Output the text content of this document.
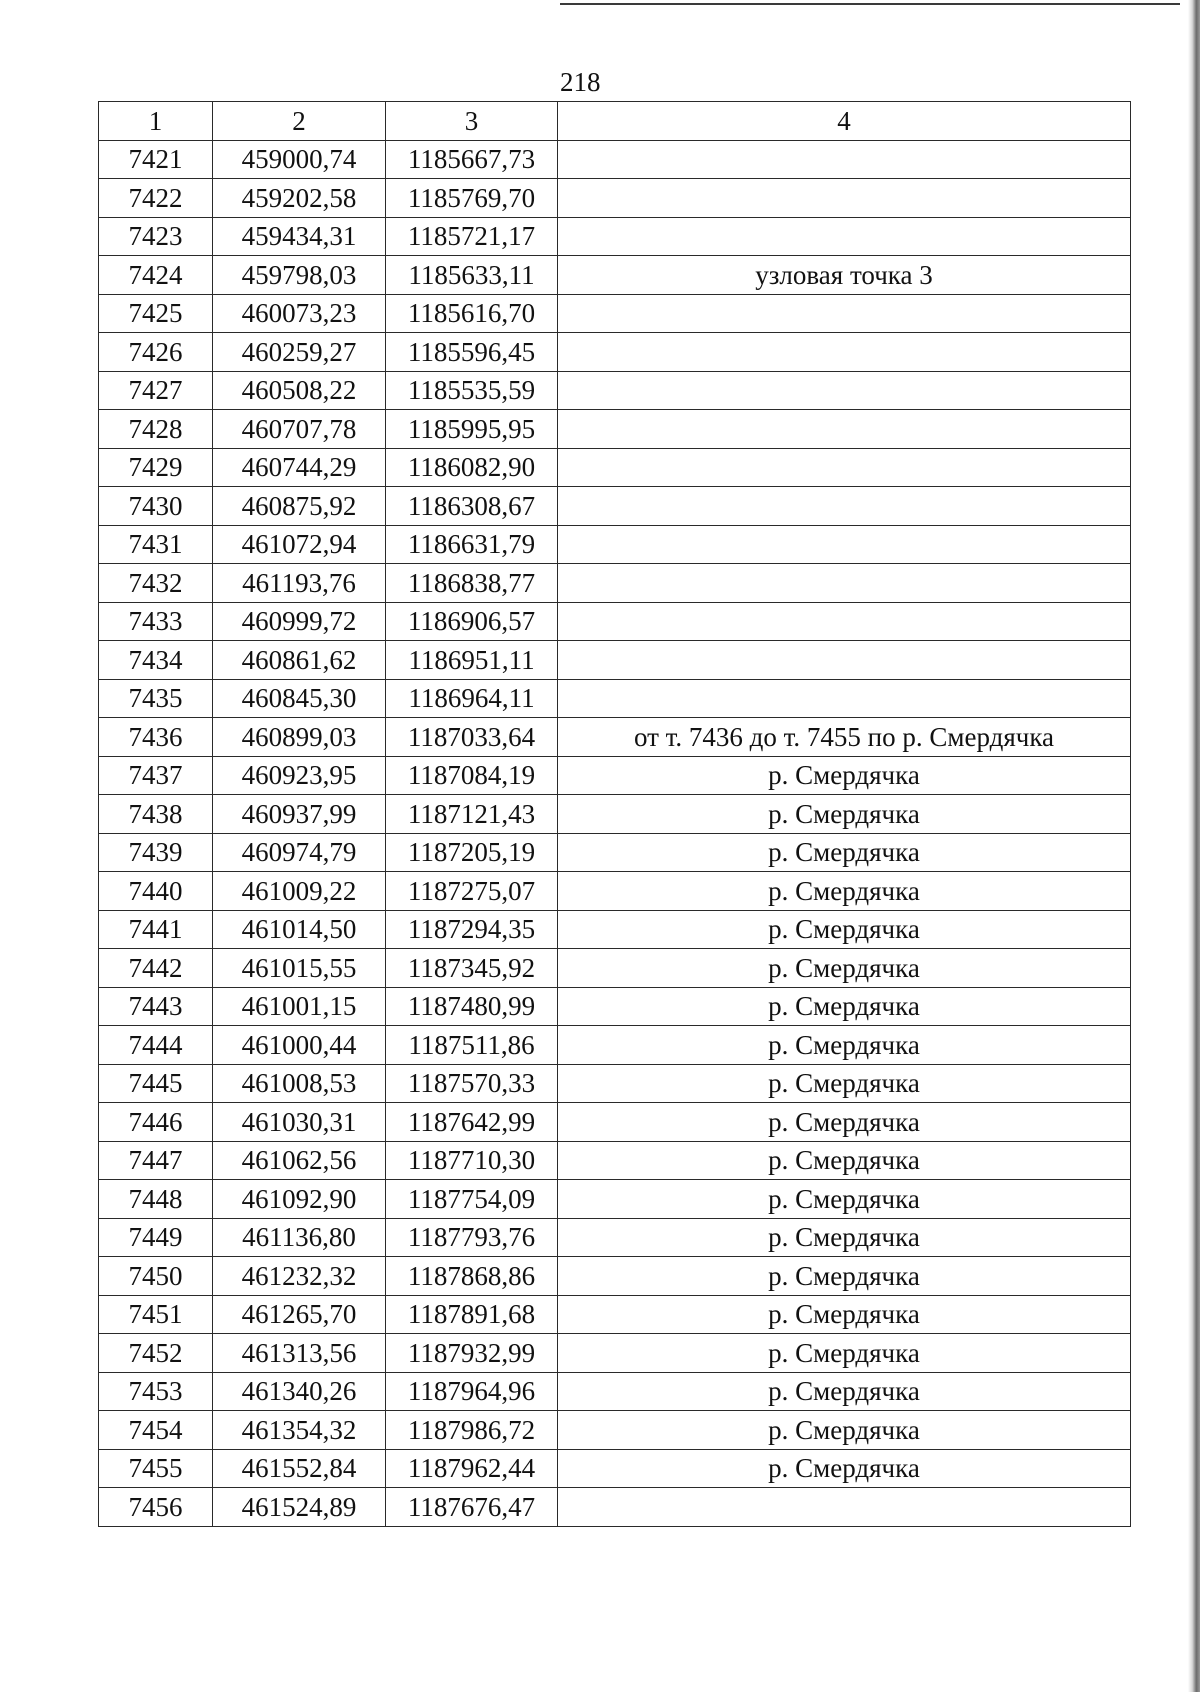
218
1	2	3	4
7421	459000,74	1185667,73	
7422	459202,58	1185769,70	
7423	459434,31	1185721,17	
7424	459798,03	1185633,11	узловая точка 3
7425	460073,23	1185616,70	
7426	460259,27	1185596,45	
7427	460508,22	1185535,59	
7428	460707,78	1185995,95	
7429	460744,29	1186082,90	
7430	460875,92	1186308,67	
7431	461072,94	1186631,79	
7432	461193,76	1186838,77	
7433	460999,72	1186906,57	
7434	460861,62	1186951,11	
7435	460845,30	1186964,11	
7436	460899,03	1187033,64	от т. 7436 до т. 7455 по р. Смердячка
7437	460923,95	1187084,19	р. Смердячка
7438	460937,99	1187121,43	р. Смердячка
7439	460974,79	1187205,19	р. Смердячка
7440	461009,22	1187275,07	р. Смердячка
7441	461014,50	1187294,35	р. Смердячка
7442	461015,55	1187345,92	р. Смердячка
7443	461001,15	1187480,99	р. Смердячка
7444	461000,44	1187511,86	р. Смердячка
7445	461008,53	1187570,33	р. Смердячка
7446	461030,31	1187642,99	р. Смердячка
7447	461062,56	1187710,30	р. Смердячка
7448	461092,90	1187754,09	р. Смердячка
7449	461136,80	1187793,76	р. Смердячка
7450	461232,32	1187868,86	р. Смердячка
7451	461265,70	1187891,68	р. Смердячка
7452	461313,56	1187932,99	р. Смердячка
7453	461340,26	1187964,96	р. Смердячка
7454	461354,32	1187986,72	р. Смердячка
7455	461552,84	1187962,44	р. Смердячка
7456	461524,89	1187676,47	
